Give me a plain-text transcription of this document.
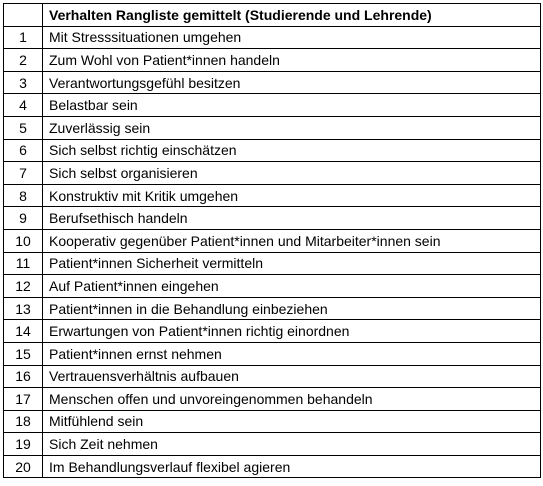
	Verhalten Rangliste gemittelt (Studierende und Lehrende)
1	Mit Stresssituationen umgehen
2	Zum Wohl von Patient*innen handeln
3	Verantwortungsgefühl besitzen
4	Belastbar sein
5	Zuverlässig sein
6	Sich selbst richtig einschätzen
7	Sich selbst organisieren
8	Konstruktiv mit Kritik umgehen
9	Berufsethisch handeln
10	Kooperativ gegenüber Patient*innen und Mitarbeiter*innen sein
11	Patient*innen Sicherheit vermitteln
12	Auf Patient*innen eingehen
13	Patient*innen in die Behandlung einbeziehen
14	Erwartungen von Patient*innen richtig einordnen
15	Patient*innen ernst nehmen
16	Vertrauensverhältnis aufbauen
17	Menschen offen und unvoreingenommen behandeln
18	Mitfühlend sein
19	Sich Zeit nehmen
20	Im Behandlungsverlauf flexibel agieren
